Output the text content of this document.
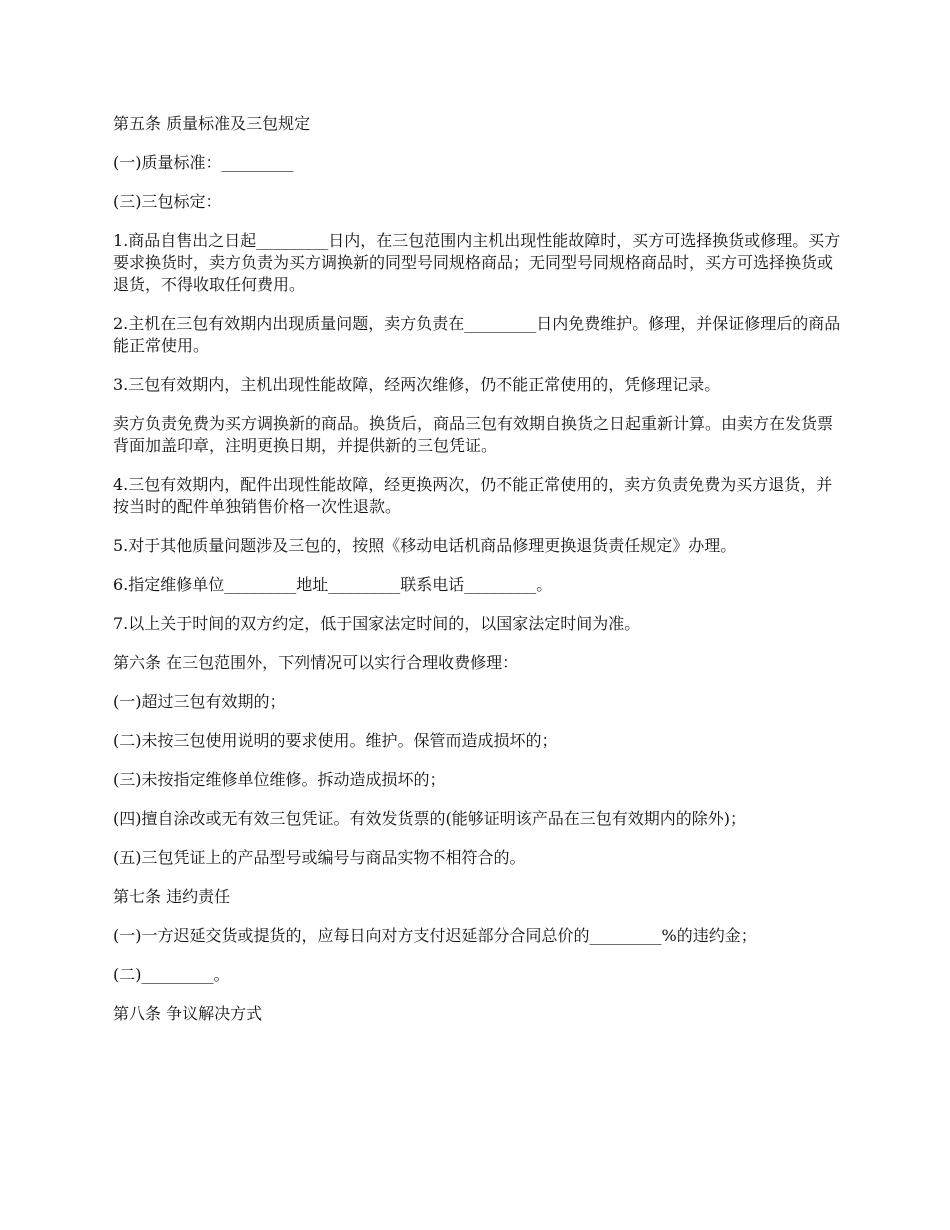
第五条 质量标准及三包规定

(一)质量标准：_________

(三)三包标定：

1.商品自售出之日起_________日内，在三包范围内主机出现性能故障时，买方可选择换货或修理。买方要求换货时，卖方负责为买方调换新的同型号同规格商品；无同型号同规格商品时，买方可选择换货或退货，不得收取任何费用。

2.主机在三包有效期内出现质量问题，卖方负责在_________日内免费维护。修理，并保证修理后的商品能正常使用。

3.三包有效期内，主机出现性能故障，经两次维修，仍不能正常使用的，凭修理记录。

卖方负责免费为买方调换新的商品。换货后，商品三包有效期自换货之日起重新计算。由卖方在发货票背面加盖印章，注明更换日期，并提供新的三包凭证。

4.三包有效期内，配件出现性能故障，经更换两次，仍不能正常使用的，卖方负责免费为买方退货，并按当时的配件单独销售价格一次性退款。

5.对于其他质量问题涉及三包的，按照《移动电话机商品修理更换退货责任规定》办理。

6.指定维修单位_________地址_________联系电话_________。

7.以上关于时间的双方约定，低于国家法定时间的，以国家法定时间为准。

第六条 在三包范围外，下列情况可以实行合理收费修理：

(一)超过三包有效期的；

(二)未按三包使用说明的要求使用。维护。保管而造成损坏的；

(三)未按指定维修单位维修。拆动造成损坏的；

(四)擅自涂改或无有效三包凭证。有效发货票的(能够证明该产品在三包有效期内的除外)；

(五)三包凭证上的产品型号或编号与商品实物不相符合的。

第七条 违约责任

(一)一方迟延交货或提货的，应每日向对方支付迟延部分合同总价的_________%的违约金；

(二)_________。

第八条 争议解决方式
